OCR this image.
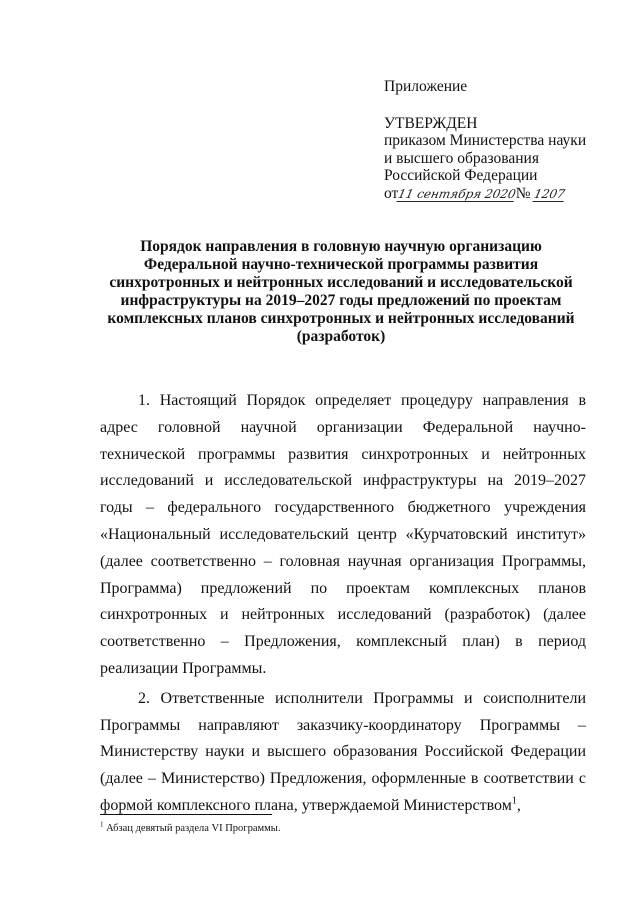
Приложение
УТВЕРЖДЕН
приказом Министерства науки
и высшего образования
Российской Федерации
от11 сентября 2020№ 1207
Порядок направления в головную научную организацию Федеральной научно-технической программы развития синхротронных и нейтронных исследований и исследовательской инфраструктуры на 2019–2027 годы предложений по проектам комплексных планов синхротронных и нейтронных исследований (разработок)

1. Настоящий Порядок определяет процедуру направления в адрес головной научной организации Федеральной научно-технической программы развития синхротронных и нейтронных исследований и исследовательской инфраструктуры на 2019–2027 годы – федерального государственного бюджетного учреждения «Национальный исследовательский центр «Курчатовский институт» (далее соответственно – головная научная организация Программы, Программа) предложений по проектам комплексных планов синхротронных и нейтронных исследований (разработок) (далее соответственно – Предложения, комплексный план) в период реализации Программы.

2. Ответственные исполнители Программы и соисполнители Программы направляют заказчику-координатору Программы – Министерству науки и высшего образования Российской Федерации (далее – Министерство) Предложения, оформленные в соответствии с формой комплексного плана, утверждаемой Министерством$^1$,

$^1$ Абзац девятый раздела VI Программы.
